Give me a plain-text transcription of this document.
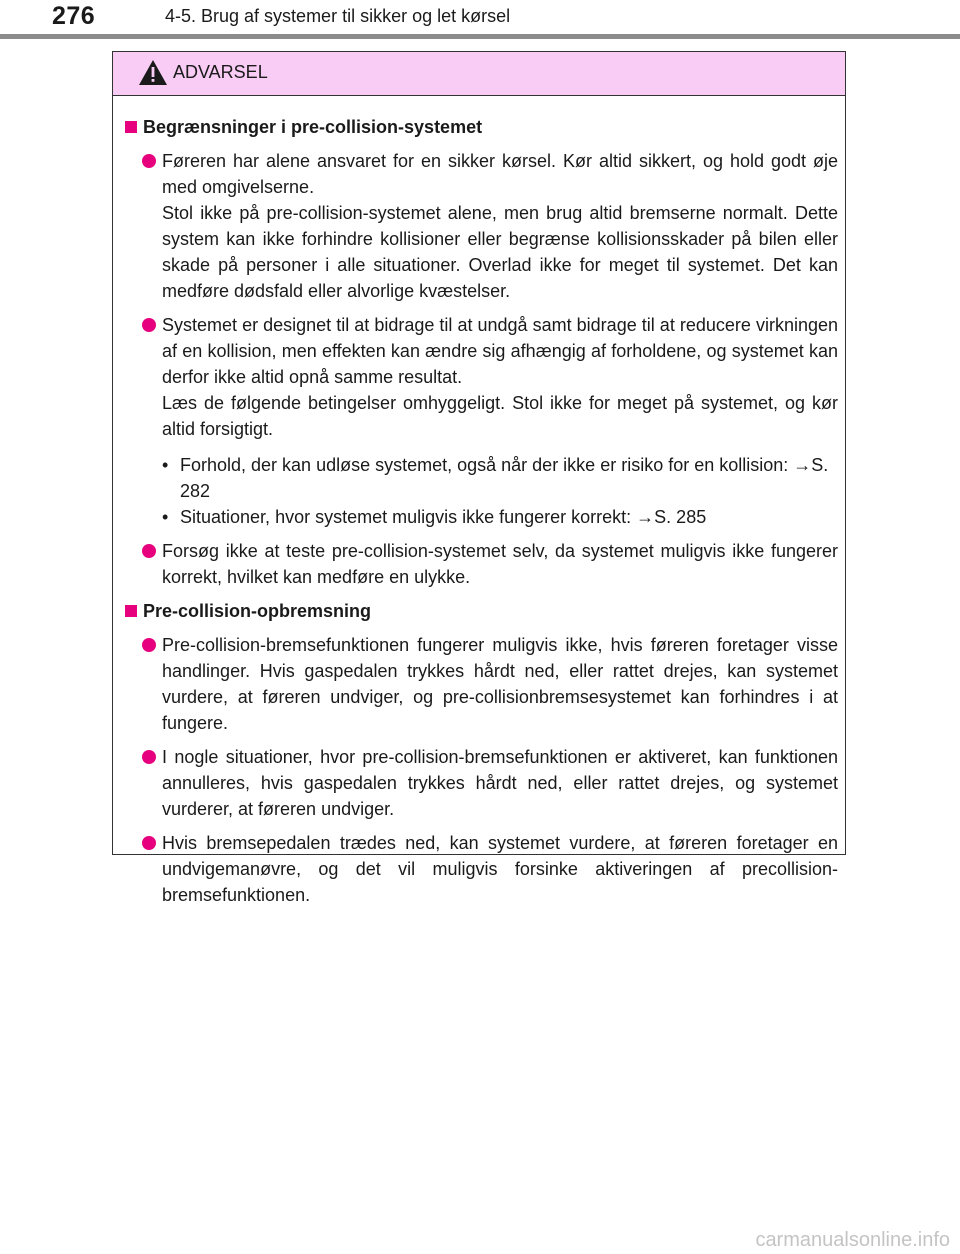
276	4-5. Brug af systemer til sikker og let kørsel
ADVARSEL
Begrænsninger i pre-collision-systemet

Føreren har alene ansvaret for en sikker kørsel. Kør altid sikkert, og hold godt øje med omgivelserne.

Stol ikke på pre-collision-systemet alene, men brug altid bremserne normalt. Dette system kan ikke forhindre kollisioner eller begrænse kollisionsskader på bilen eller skade på personer i alle situationer. Overlad ikke for meget til systemet. Det kan medføre dødsfald eller alvorlige kvæstelser.

Systemet er designet til at bidrage til at undgå samt bidrage til at reducere virkningen af en kollision, men effekten kan ændre sig afhængig af forholdene, og systemet kan derfor ikke altid opnå samme resultat.

Læs de følgende betingelser omhyggeligt. Stol ikke for meget på systemet, og kør altid forsigtigt.

• Forhold, der kan udløse systemet, også når der ikke er risiko for en kollision: →S. 282
• Situationer, hvor systemet muligvis ikke fungerer korrekt: →S. 285

Forsøg ikke at teste pre-collision-systemet selv, da systemet muligvis ikke fungerer korrekt, hvilket kan medføre en ulykke.

Pre-collision-opbremsning

Pre-collision-bremsefunktionen fungerer muligvis ikke, hvis føreren foretager visse handlinger. Hvis gaspedalen trykkes hårdt ned, eller rattet drejes, kan systemet vurdere, at føreren undviger, og pre-collisionbremsesystemet kan forhindres i at fungere.

I nogle situationer, hvor pre-collision-bremsefunktionen er aktiveret, kan funktionen annulleres, hvis gaspedalen trykkes hårdt ned, eller rattet drejes, og systemet vurderer, at føreren undviger.

Hvis bremsepedalen trædes ned, kan systemet vurdere, at føreren foretager en undvigemanøvre, og det vil muligvis forsinke aktiveringen af precollision-bremsefunktionen.

carmanualsonline.info
